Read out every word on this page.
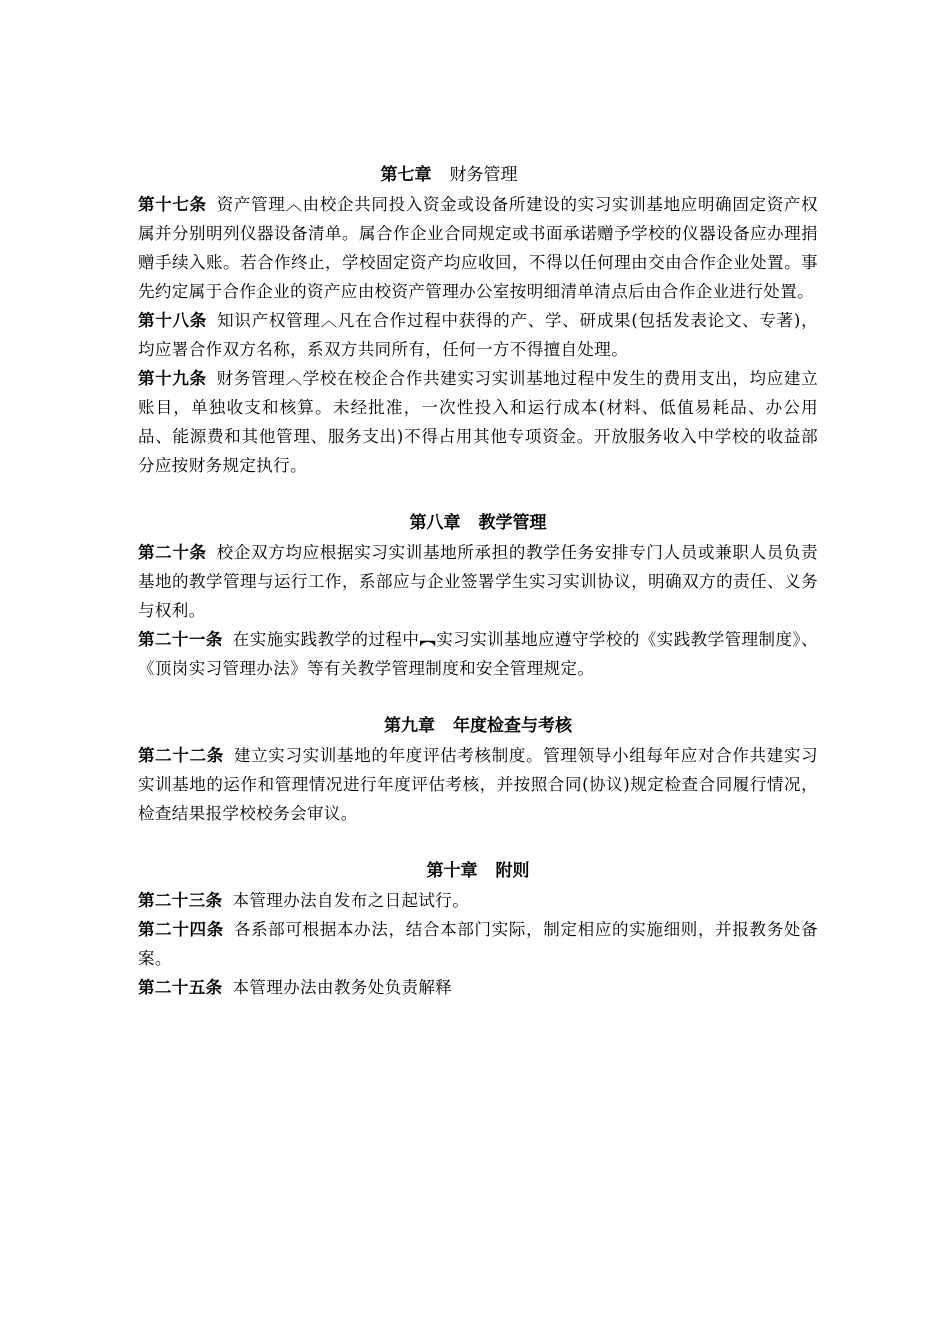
第七章 财务管理

第十七条 资产管理︿由校企共同投入资金或设备所建设的实习实训基地应明确固定资产权属并分别明列仪器设备清单。属合作企业合同规定或书面承诺赠予学校的仪器设备应办理捐赠手续入账。若合作终止，学校固定资产均应收回，不得以任何理由交由合作企业处置。事先约定属于合作企业的资产应由校资产管理办公室按明细清单清点后由合作企业进行处置。

第十八条 知识产权管理︿凡在合作过程中获得的产、学、研成果(包括发表论文、专著)，均应署合作双方名称，系双方共同所有，任何一方不得擅自处理。

第十九条 财务管理︿学校在校企合作共建实习实训基地过程中发生的费用支出，均应建立账目，单独收支和核算。未经批准，一次性投入和运行成本(材料、低值易耗品、办公用品、能源费和其他管理、服务支出)不得占用其他专项资金。开放服务收入中学校的收益部分应按财务规定执行。

第八章 教学管理

第二十条 校企双方均应根据实习实训基地所承担的教学任务安排专门人员或兼职人员负责基地的教学管理与运行工作，系部应与企业签署学生实习实训协议，明确双方的责任、义务与权利。

第二十一条 在实施实践教学的过程中︻实习实训基地应遵守学校的《实践教学管理制度》、《顶岗实习管理办法》等有关教学管理制度和安全管理规定。

第九章 年度检查与考核

第二十二条 建立实习实训基地的年度评估考核制度。管理领导小组每年应对合作共建实习实训基地的运作和管理情况进行年度评估考核，并按照合同(协议)规定检查合同履行情况，检查结果报学校校务会审议。

第十章 附则

第二十三条 本管理办法自发布之日起试行。

第二十四条 各系部可根据本办法，结合本部门实际，制定相应的实施细则，并报教务处备案。

第二十五条 本管理办法由教务处负责解释
